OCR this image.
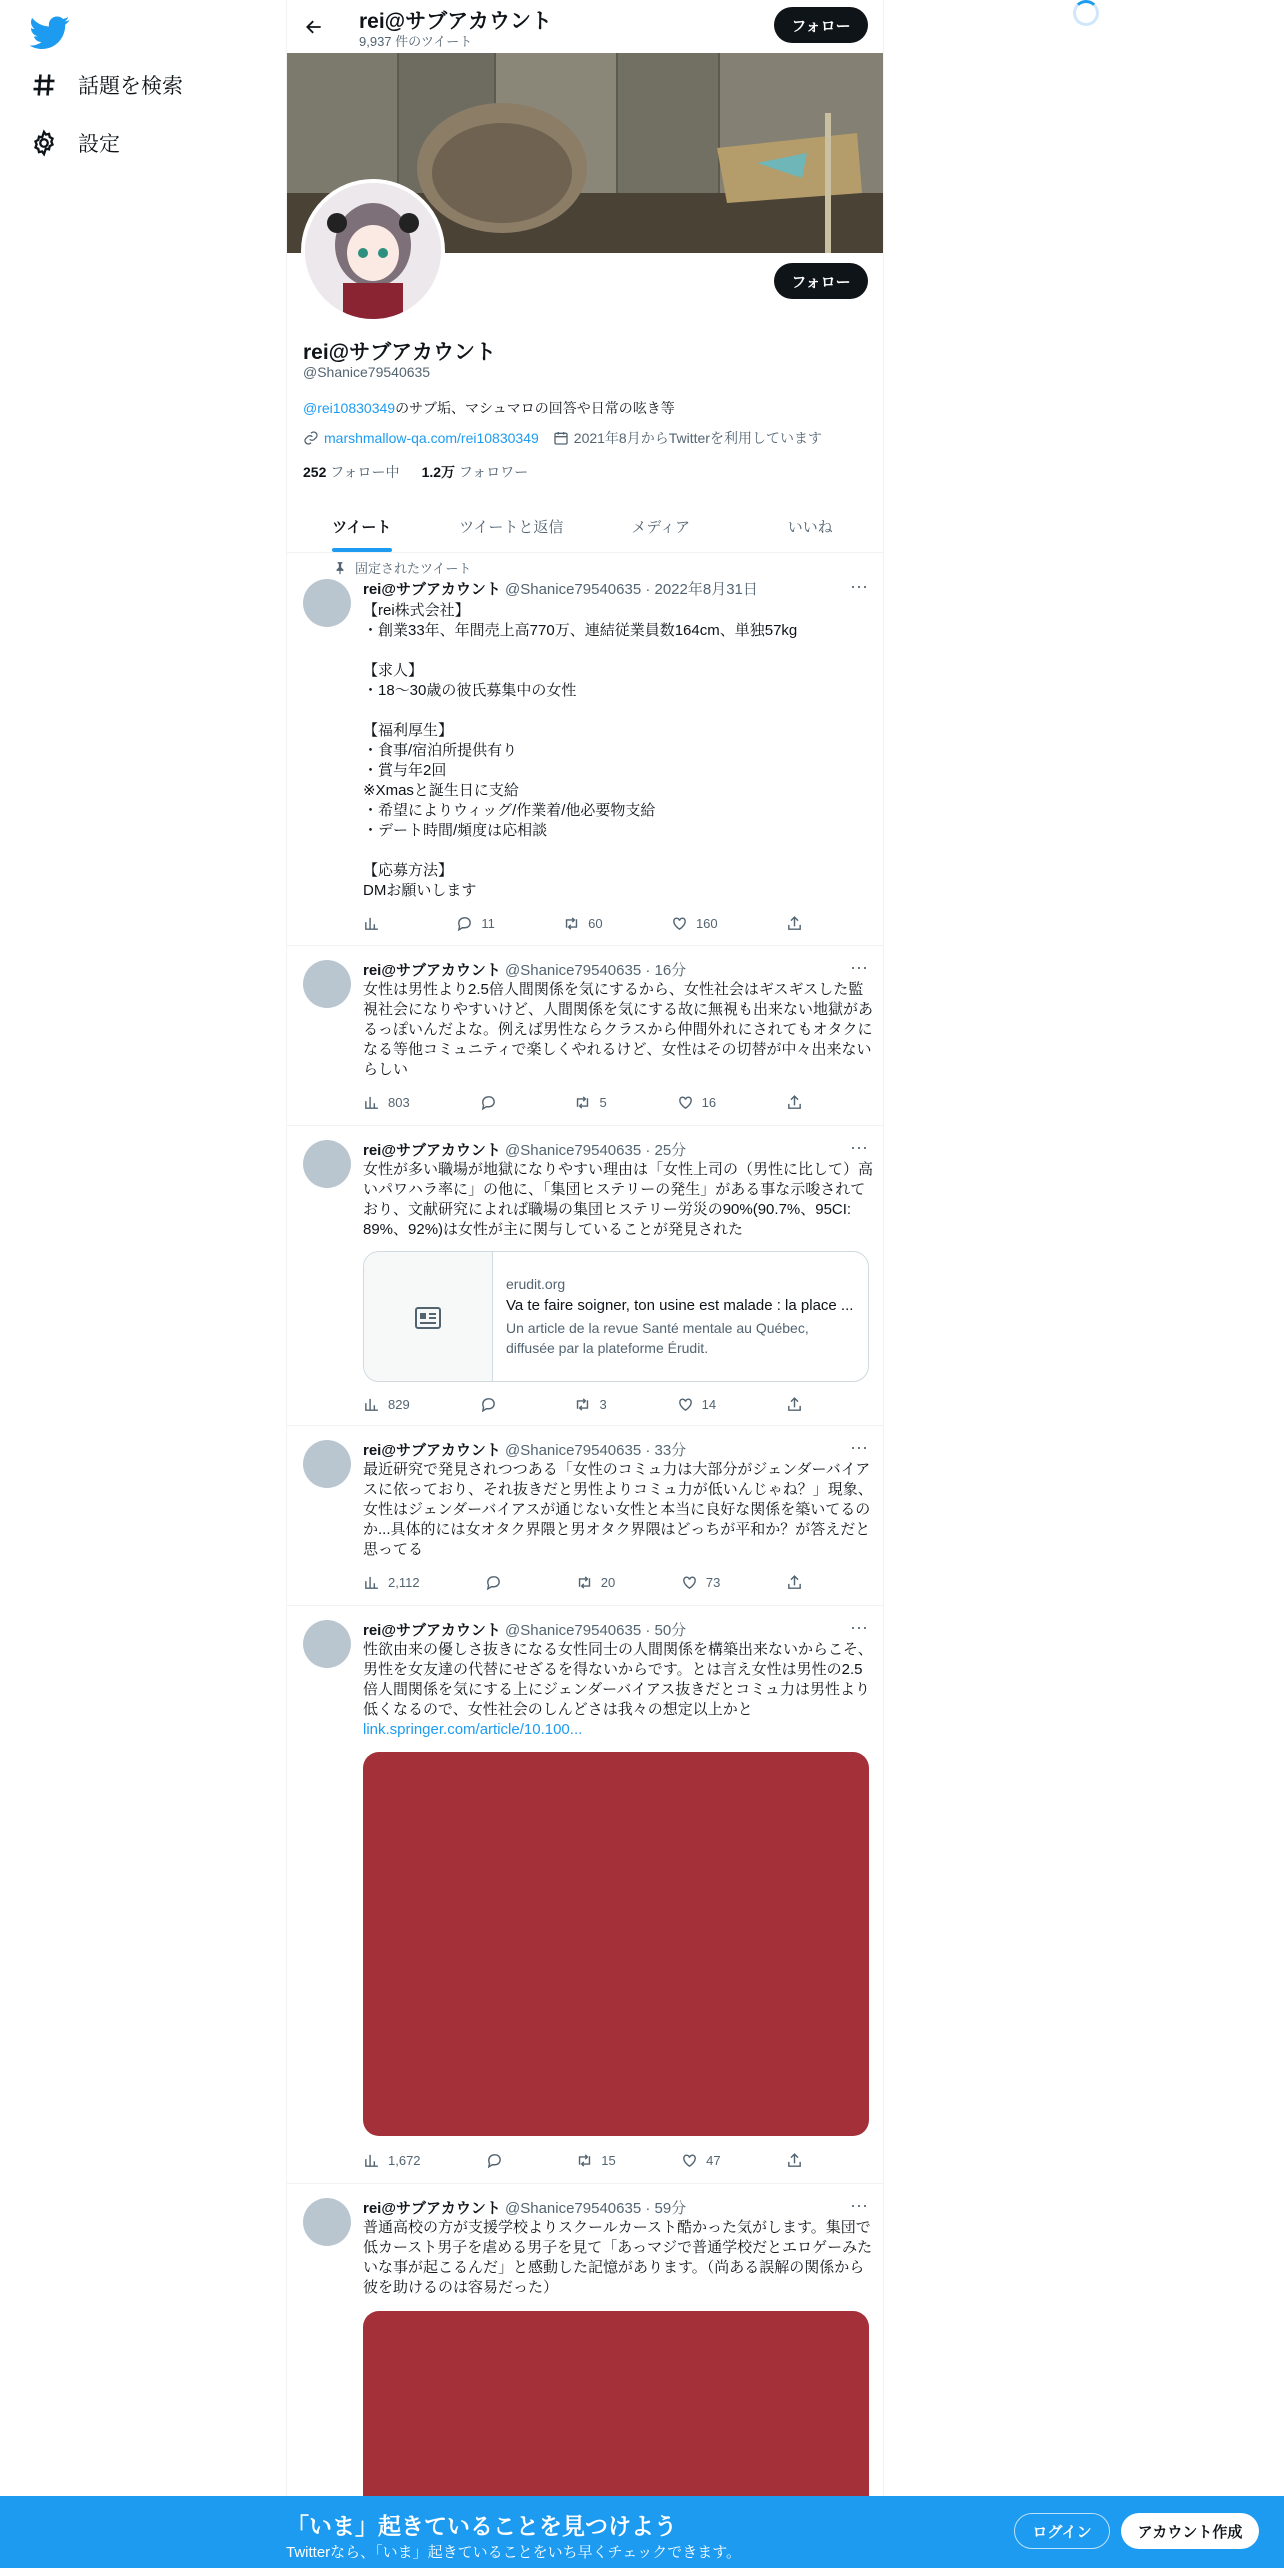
話題を検索
設定
rei@サブアカウント
9,937 件のツイート
フォロー
フォロー
rei@サブアカウント
@Shanice79540635
@rei10830349のサブ垢、マシュマロの回答や日常の呟き等
marshmallow-qa.com/rei10830349	2021年8月からTwitterを利用しています
252 フォロー中 1.2万 フォロワー
ツイート	ツイートと返信	メディア	いいね
固定されたツイート
rei@サブアカウント @Shanice79540635 · 2022年8月31日	···
【rei株式会社】
・創業33年、年間売上高770万、連結従業員数164cm、単独57kg

【求人】
・18〜30歳の彼氏募集中の女性

【福利厚生】
・食事/宿泊所提供有り
・賞与年2回
※Xmasと誕生日に支給
・希望によりウィッグ/作業着/他必要物支給
・デート時間/頻度は応相談

【応募方法】
DMお願いします
11	60	160
rei@サブアカウント @Shanice79540635 · 16分	···
女性は男性より2.5倍人間関係を気にするから、女性社会はギスギスした監視社会になりやすいけど、人間関係を気にする故に無視も出来ない地獄があるっぽいんだよな。例えば男性ならクラスから仲間外れにされてもオタクになる等他コミュニティで楽しくやれるけど、女性はその切替が中々出来ないらしい
803	5	16
rei@サブアカウント @Shanice79540635 · 25分	···
女性が多い職場が地獄になりやすい理由は「女性上司の（男性に比して）高いパワハラ率に」の他に、「集団ヒステリーの発生」がある事な示唆されており、文献研究によれば職場の集団ヒステリー労災の90%(90.7%、95CI: 89%、92%)は女性が主に関与していることが発見された
erudit.org
Va te faire soigner, ton usine est malade : la place ...
Un article de la revue Santé mentale au Québec, diffusée par la plateforme Érudit.
829	3	14
rei@サブアカウント @Shanice79540635 · 33分	···
最近研究で発見されつつある「女性のコミュ力は大部分がジェンダーバイアスに依っており、それ抜きだと男性よりコミュ力が低いんじゃね？」現象、女性はジェンダーバイアスが通じない女性と本当に良好な関係を築いてるのか...具体的には女オタク界隈と男オタク界隈はどっちが平和か？が答えだと思ってる
2,112	20	73
rei@サブアカウント @Shanice79540635 · 50分	···
性欲由来の優しさ抜きになる女性同士の人間関係を構築出来ないからこそ、男性を女友達の代替にせざるを得ないからです。とは言え女性は男性の2.5倍人間関係を気にする上にジェンダーバイアス抜きだとコミュ力は男性より低くなるので、女性社会のしんどさは我々の想定以上かと
link.springer.com/article/10.100...
1,672	15	47
rei@サブアカウント @Shanice79540635 · 59分	···
普通高校の方が支援学校よりスクールカースト酷かった気がします。集団で低カースト男子を虐める男子を見て「あっマジで普通学校だとエロゲーみたいな事が起こるんだ」と感動した記憶があります。（尚ある誤解の関係から彼を助けるのは容易だった）
「いま」起きていることを見つけよう
Twitterなら、「いま」起きていることをいち早くチェックできます。
ログイン	アカウント作成
